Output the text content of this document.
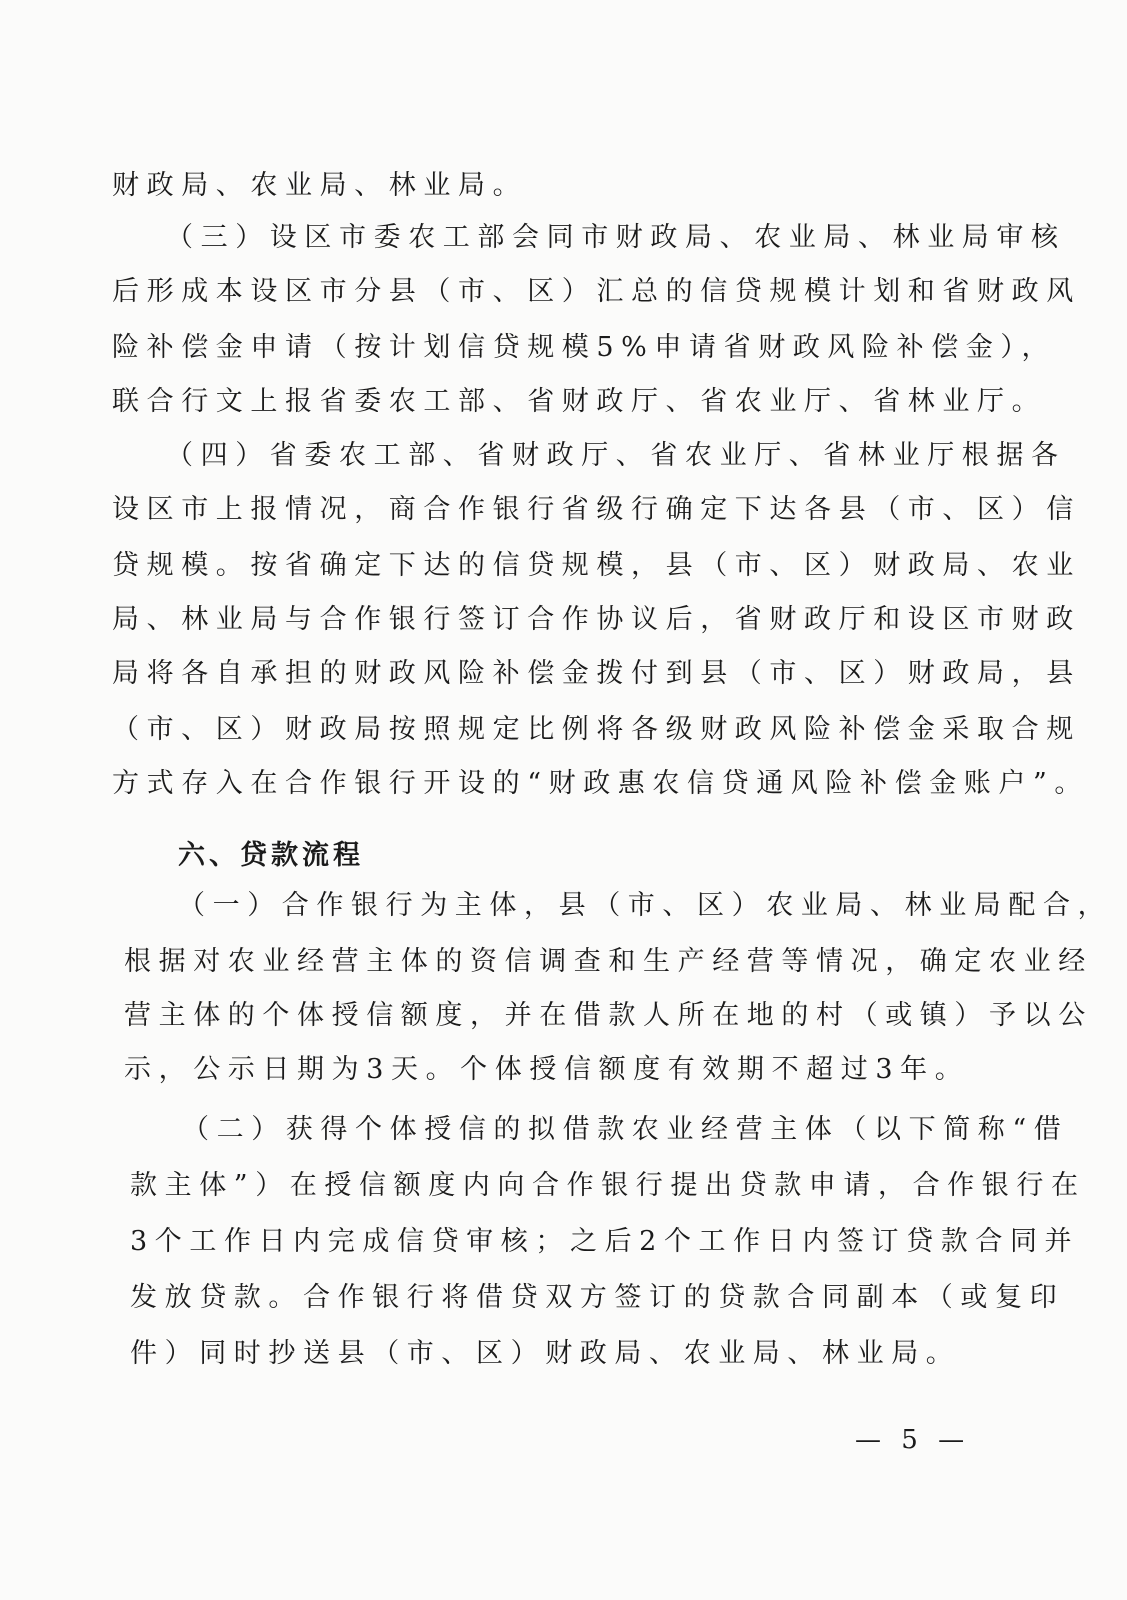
财政局、农业局、林业局。
（三）设区市委农工部会同市财政局、农业局、林业局审核
后形成本设区市分县（市、区）汇总的信贷规模计划和省财政风
险补偿金申请（按计划信贷规模5%申请省财政风险补偿金），
联合行文上报省委农工部、省财政厅、省农业厅、省林业厅。
（四）省委农工部、省财政厅、省农业厅、省林业厅根据各
设区市上报情况，商合作银行省级行确定下达各县（市、区）信
贷规模。按省确定下达的信贷规模，县（市、区）财政局、农业
局、林业局与合作银行签订合作协议后，省财政厅和设区市财政
局将各自承担的财政风险补偿金拨付到县（市、区）财政局，县
（市、区）财政局按照规定比例将各级财政风险补偿金采取合规
方式存入在合作银行开设的“财政惠农信贷通风险补偿金账户”。
六、贷款流程
（一）合作银行为主体，县（市、区）农业局、林业局配合，
根据对农业经营主体的资信调查和生产经营等情况，确定农业经
营主体的个体授信额度，并在借款人所在地的村（或镇）予以公
示，公示日期为3天。个体授信额度有效期不超过3年。
（二）获得个体授信的拟借款农业经营主体（以下简称“借
款主体”）在授信额度内向合作银行提出贷款申请，合作银行在
3个工作日内完成信贷审核；之后2个工作日内签订贷款合同并
发放贷款。合作银行将借贷双方签订的贷款合同副本（或复印
件）同时抄送县（市、区）财政局、农业局、林业局。
— 5 —
